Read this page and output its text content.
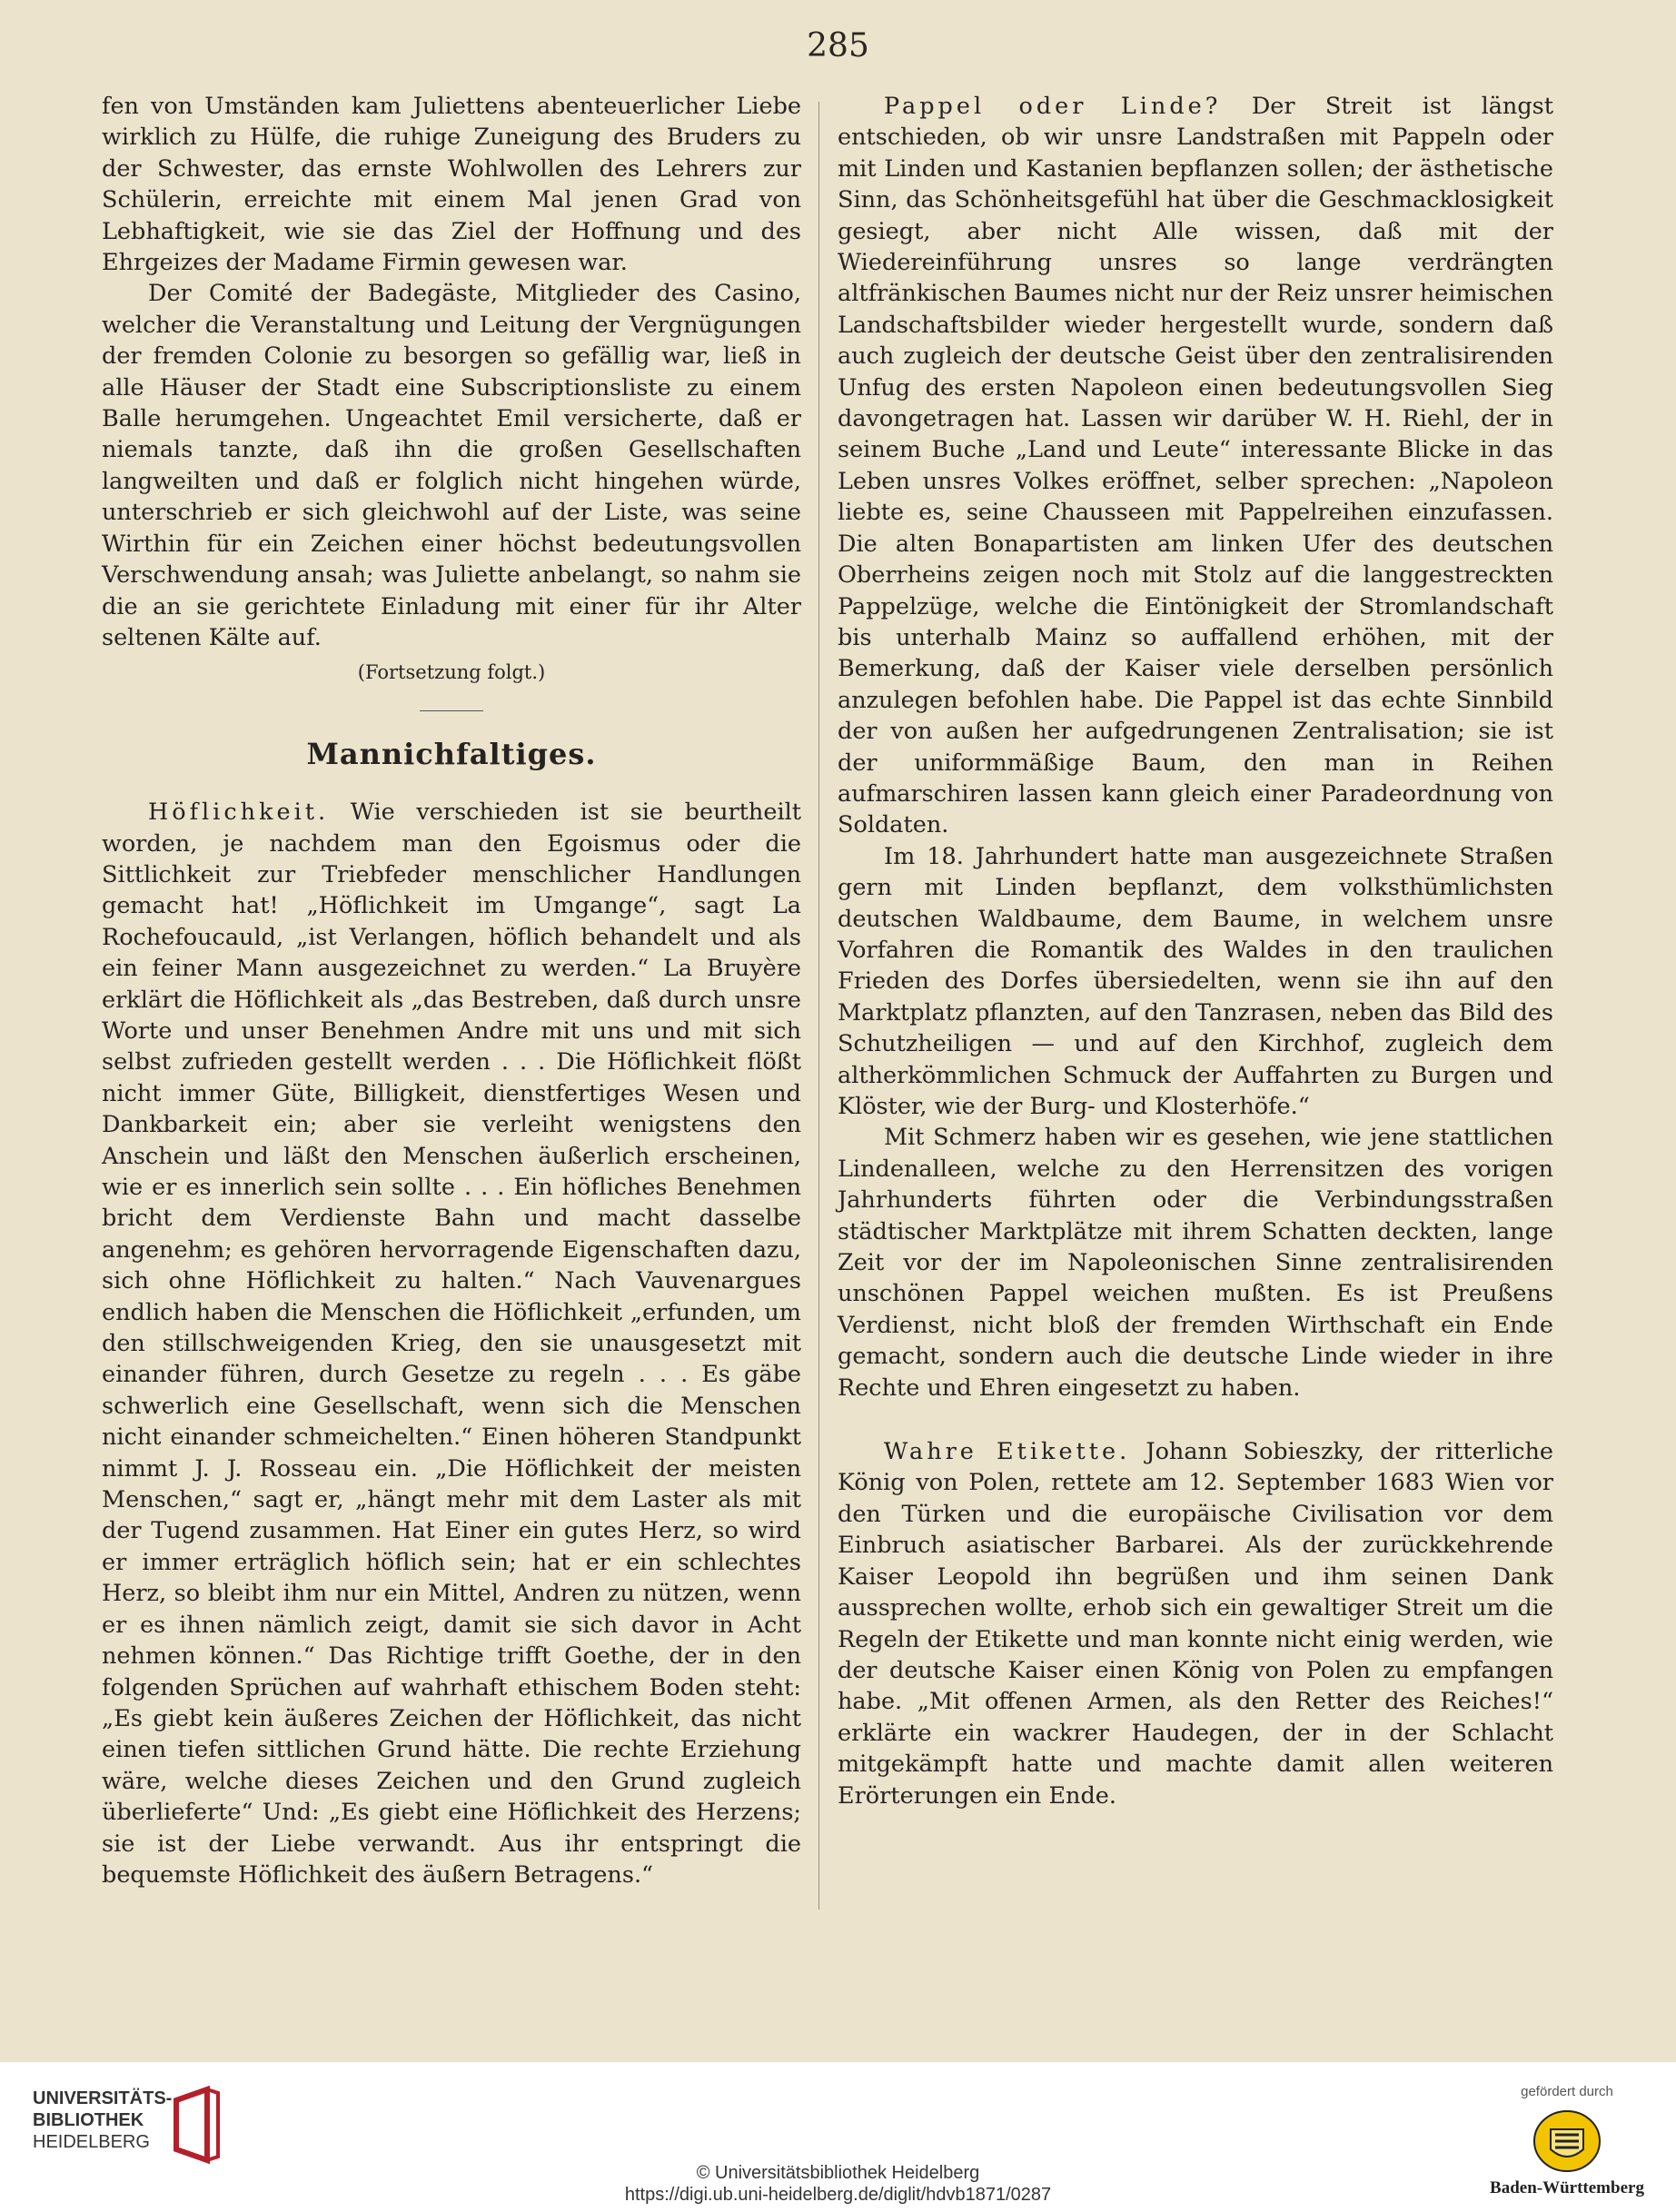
285

fen von Umständen kam Juliettens abenteuerlicher Liebe wirklich zu Hülfe, die ruhige Zuneigung des Bruders zu der Schwester, das ernste Wohlwollen des Lehrers zur Schülerin, erreichte mit einem Mal jenen Grad von Lebhaftigkeit, wie sie das Ziel der Hoffnung und des Ehrgeizes der Madame Firmin gewesen war.

Der Comité der Badegäste, Mitglieder des Casino, welcher die Veranstaltung und Leitung der Vergnügungen der fremden Colonie zu besorgen so gefällig war, ließ in alle Häuser der Stadt eine Subscriptionsliste zu einem Balle herumgehen. Ungeachtet Emil versicherte, daß er niemals tanzte, daß ihn die großen Gesellschaften langweilten und daß er folglich nicht hingehen würde, unterschrieb er sich gleichwohl auf der Liste, was seine Wirthin für ein Zeichen einer höchst bedeutungsvollen Verschwendung ansah; was Juliette anbelangt, so nahm sie die an sie gerichtete Einladung mit einer für ihr Alter seltenen Kälte auf.

(Fortsetzung folgt.)

Mannichfaltiges.

Höflichkeit. Wie verschieden ist sie beurtheilt worden, je nachdem man den Egoismus oder die Sittlichkeit zur Triebfeder menschlicher Handlungen gemacht hat! „Höflichkeit im Umgange“, sagt La Rochefoucauld, „ist Verlangen, höflich behandelt und als ein feiner Mann ausgezeichnet zu werden.“ La Bruyère erklärt die Höflichkeit als „das Bestreben, daß durch unsre Worte und unser Benehmen Andre mit uns und mit sich selbst zufrieden gestellt werden . . . Die Höflichkeit flößt nicht immer Güte, Billigkeit, dienstfertiges Wesen und Dankbarkeit ein; aber sie verleiht wenigstens den Anschein und läßt den Menschen äußerlich erscheinen, wie er es innerlich sein sollte . . . Ein höfliches Benehmen bricht dem Verdienste Bahn und macht dasselbe angenehm; es gehören hervorragende Eigenschaften dazu, sich ohne Höflichkeit zu halten.“ Nach Vauvenargues endlich haben die Menschen die Höflichkeit „erfunden, um den stillschweigenden Krieg, den sie unausgesetzt mit einander führen, durch Gesetze zu regeln . . . Es gäbe schwerlich eine Gesellschaft, wenn sich die Menschen nicht einander schmeichelten.“ Einen höheren Standpunkt nimmt J. J. Rosseau ein. „Die Höflichkeit der meisten Menschen,“ sagt er, „hängt mehr mit dem Laster als mit der Tugend zusammen. Hat Einer ein gutes Herz, so wird er immer erträglich höflich sein; hat er ein schlechtes Herz, so bleibt ihm nur ein Mittel, Andren zu nützen, wenn er es ihnen nämlich zeigt, damit sie sich davor in Acht nehmen können.“ Das Richtige trifft Goethe, der in den folgenden Sprüchen auf wahrhaft ethischem Boden steht: „Es giebt kein äußeres Zeichen der Höflichkeit, das nicht einen tiefen sittlichen Grund hätte. Die rechte Erziehung wäre, welche dieses Zeichen und den Grund zugleich überlieferte“ Und: „Es giebt eine Höflichkeit des Herzens; sie ist der Liebe verwandt. Aus ihr entspringt die bequemste Höflichkeit des äußern Betragens.“

Pappel oder Linde? Der Streit ist längst entschieden, ob wir unsre Landstraßen mit Pappeln oder mit Linden und Kastanien bepflanzen sollen; der ästhetische Sinn, das Schönheitsgefühl hat über die Geschmacklosigkeit gesiegt, aber nicht Alle wissen, daß mit der Wiedereinführung unsres so lange verdrängten altfränkischen Baumes nicht nur der Reiz unsrer heimischen Landschaftsbilder wieder hergestellt wurde, sondern daß auch zugleich der deutsche Geist über den zentralisirenden Unfug des ersten Napoleon einen bedeutungsvollen Sieg davongetragen hat. Lassen wir darüber W. H. Riehl, der in seinem Buche „Land und Leute“ interessante Blicke in das Leben unsres Volkes eröffnet, selber sprechen: „Napoleon liebte es, seine Chausseen mit Pappelreihen einzufassen. Die alten Bonapartisten am linken Ufer des deutschen Oberrheins zeigen noch mit Stolz auf die langgestreckten Pappelzüge, welche die Eintönigkeit der Stromlandschaft bis unterhalb Mainz so auffallend erhöhen, mit der Bemerkung, daß der Kaiser viele derselben persönlich anzulegen befohlen habe. Die Pappel ist das echte Sinnbild der von außen her aufgedrungenen Zentralisation; sie ist der uniformmäßige Baum, den man in Reihen aufmarschiren lassen kann gleich einer Paradeordnung von Soldaten.

Im 18. Jahrhundert hatte man ausgezeichnete Straßen gern mit Linden bepflanzt, dem volksthümlichsten deutschen Waldbaume, dem Baume, in welchem unsre Vorfahren die Romantik des Waldes in den traulichen Frieden des Dorfes übersiedelten, wenn sie ihn auf den Marktplatz pflanzten, auf den Tanzrasen, neben das Bild des Schutzheiligen — und auf den Kirchhof, zugleich dem altherkömmlichen Schmuck der Auffahrten zu Burgen und Klöster, wie der Burg- und Klosterhöfe.“

Mit Schmerz haben wir es gesehen, wie jene stattlichen Lindenalleen, welche zu den Herrensitzen des vorigen Jahrhunderts führten oder die Verbindungsstraßen städtischer Marktplätze mit ihrem Schatten deckten, lange Zeit vor der im Napoleonischen Sinne zentralisirenden unschönen Pappel weichen mußten. Es ist Preußens Verdienst, nicht bloß der fremden Wirthschaft ein Ende gemacht, sondern auch die deutsche Linde wieder in ihre Rechte und Ehren eingesetzt zu haben.

Wahre Etikette. Johann Sobieszky, der ritterliche König von Polen, rettete am 12. September 1683 Wien vor den Türken und die europäische Civilisation vor dem Einbruch asiatischer Barbarei. Als der zurückkehrende Kaiser Leopold ihn begrüßen und ihm seinen Dank aussprechen wollte, erhob sich ein gewaltiger Streit um die Regeln der Etikette und man konnte nicht einig werden, wie der deutsche Kaiser einen König von Polen zu empfangen habe. „Mit offenen Armen, als den Retter des Reiches!“ erklärte ein wackrer Haudegen, der in der Schlacht mitgekämpft hatte und machte damit allen weiteren Erörterungen ein Ende.

UNIVERSITÄTS-
BIBLIOTHEK
HEIDELBERG
© Universitätsbibliothek Heidelberg
https://digi.ub.uni-heidelberg.de/diglit/hdvb1871/0287
gefördert durch
Baden-Württemberg
